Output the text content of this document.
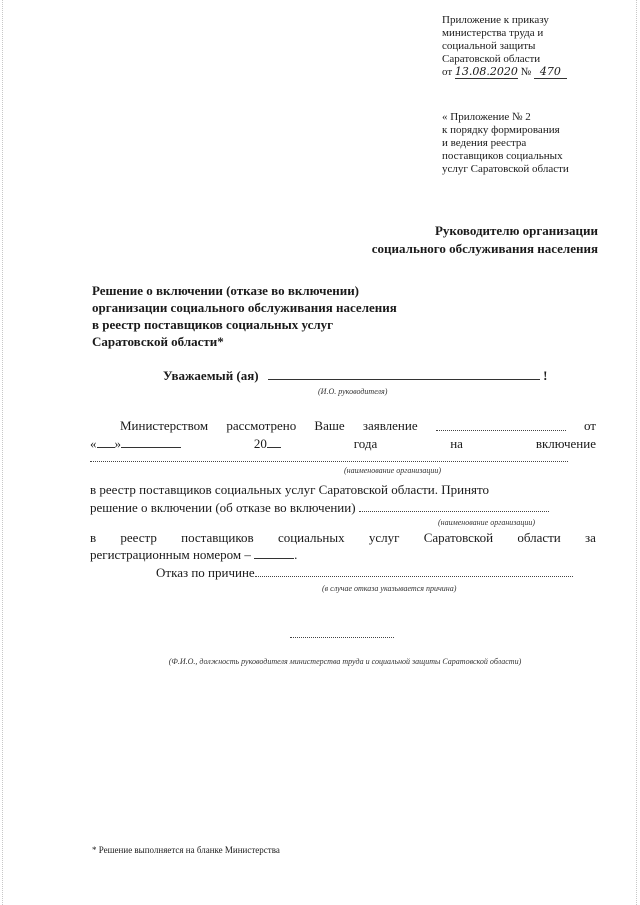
Приложение к приказу
министерства труда и
социальной защиты
Саратовской области
от 13.08.2020 № 470
« Приложение № 2
к порядку формирования
и ведения реестра
поставщиков социальных
услуг Саратовской области
Руководителю организации
социального обслуживания населения
Решение о включении (отказе во включении)
организации социального обслуживания населения
в реестр поставщиков социальных услуг
Саратовской области*
Уважаемый (ая)	!
(И.О. руководителя)
Министерством рассмотрено Ваше заявление	от
« »	20	года	на	включение
(наименование организации)
в реестр поставщиков социальных услуг Саратовской области. Принято
решение о включении (об отказе во включении)
(наименование организации)
в реестр поставщиков социальных услуг Саратовской области за
регистрационным номером –	.
Отказ по причине
(в случае отказа указывается причина)
(Ф.И.О., должность руководителя министерства труда и социальной защиты Саратовской области)
* Решение выполняется на бланке Министерства
